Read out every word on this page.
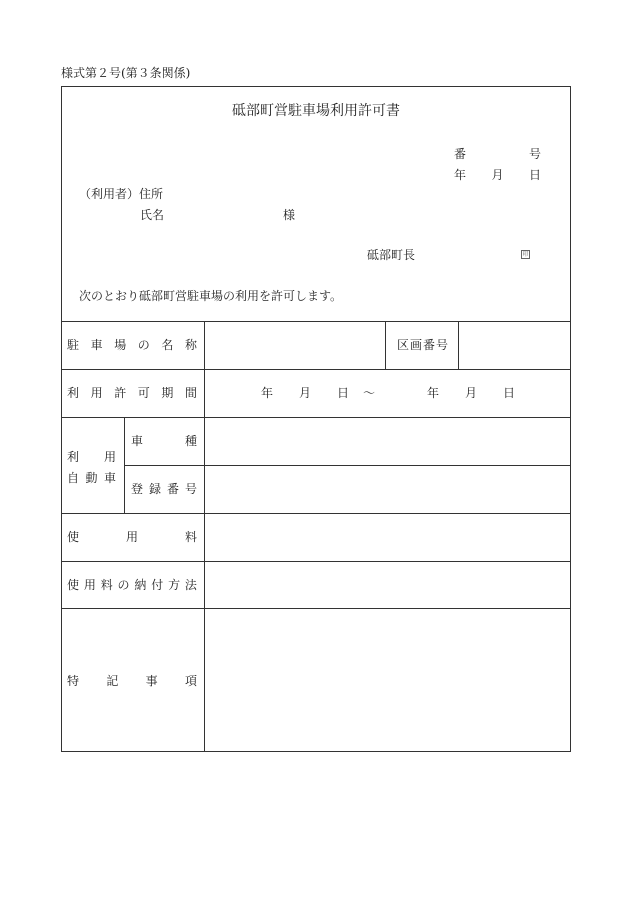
様式第２号(第３条関係)
砥部町営駐車場利用許可書
番	号
年 月 日
（利用者）住所
氏名	様
砥部町長	印
次のとおり砥部町営駐車場の利用を許可します。
駐 車 場 の 名 称	区画番号
利 用 許 可 期 間	年 月 日 ～	年 月 日
利 用
自 動 車
車	種
登 録 番 号
使	用	料
使 用 料 の 納 付 方 法
特 記 事 項
